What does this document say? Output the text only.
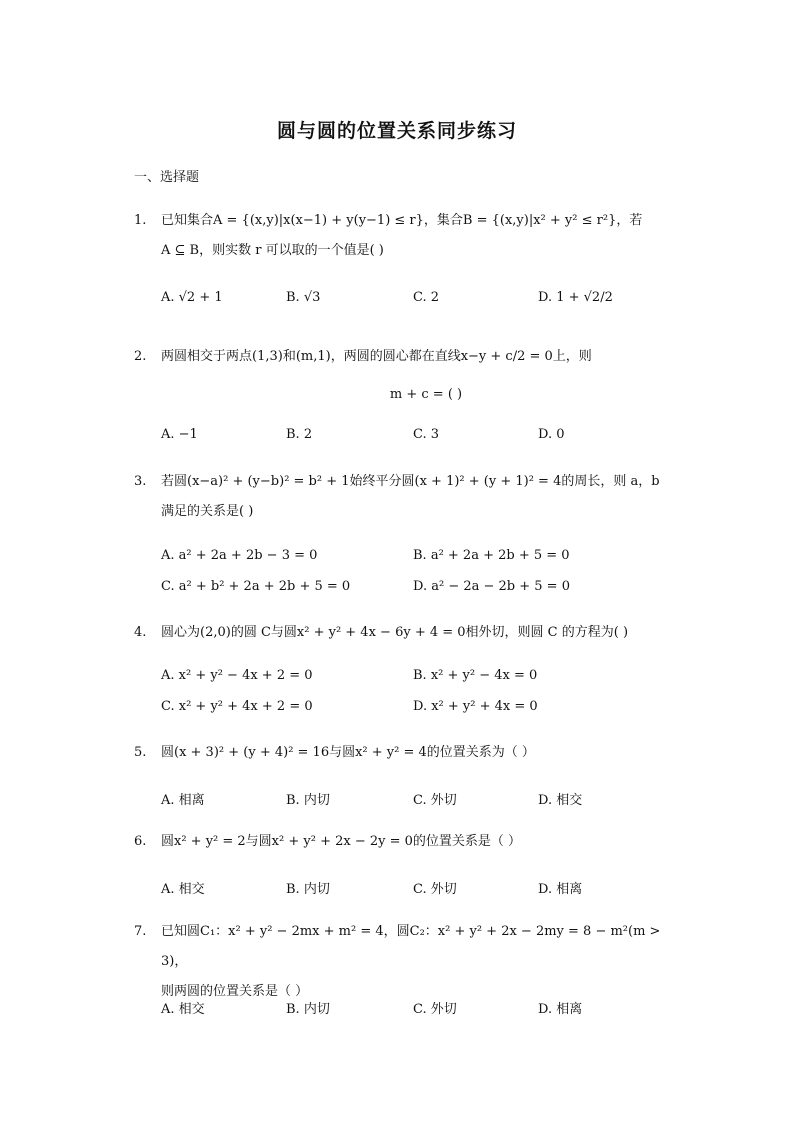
圆与圆的位置关系同步练习
一、选择题
1. 已知集合A = {(x,y)|x(x−1) + y(y−1) ≤ r}，集合B = {(x,y)|x² + y² ≤ r²}，若
A ⊆ B，则实数 r 可以取的一个值是( )
A. √2 + 1	B. √3	C. 2	D. 1 + √2/2
2. 两圆相交于两点(1,3)和(m,1)，两圆的圆心都在直线x−y + c/2 = 0上，则
m + c = ( )
A. −1	B. 2	C. 3	D. 0
3. 若圆(x−a)² + (y−b)² = b² + 1始终平分圆(x + 1)² + (y + 1)² = 4的周长，则 a，b
满足的关系是( )
A. a² + 2a + 2b − 3 = 0	B. a² + 2a + 2b + 5 = 0
C. a² + b² + 2a + 2b + 5 = 0	D. a² − 2a − 2b + 5 = 0
4. 圆心为(2,0)的圆 C与圆x² + y² + 4x − 6y + 4 = 0相外切，则圆 C 的方程为( )
A. x² + y² − 4x + 2 = 0	B. x² + y² − 4x = 0
C. x² + y² + 4x + 2 = 0	D. x² + y² + 4x = 0
5. 圆(x + 3)² + (y + 4)² = 16与圆x² + y² = 4的位置关系为（ ）
A. 相离	B. 内切	C. 外切	D. 相交
6. 圆x² + y² = 2与圆x² + y² + 2x − 2y = 0的位置关系是（ ）
A. 相交	B. 内切	C. 外切	D. 相离
7. 已知圆C₁：x² + y² − 2mx + m² = 4，圆C₂：x² + y² + 2x − 2my = 8 − m²(m > 3)，
则两圆的位置关系是（ ）
A. 相交	B. 内切	C. 外切	D. 相离
